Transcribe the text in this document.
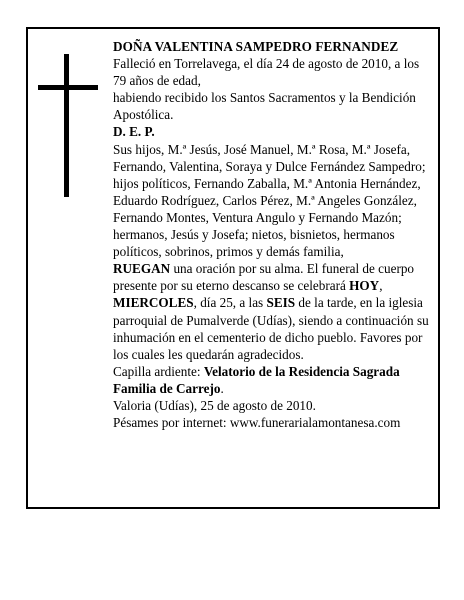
DOÑA VALENTINA SAMPEDRO FERNANDEZ

Falleció en Torrelavega, el día 24 de agosto de 2010, a los 79 años de edad,

habiendo recibido los Santos Sacramentos y la Bendición Apostólica.

D. E. P.

Sus hijos, M.ª Jesús, José Manuel, M.ª Rosa, M.ª Josefa, Fernando, Valentina, Soraya y Dulce Fernández Sampedro; hijos políticos, Fernando Zaballa, M.ª Antonia Hernández, Eduardo Rodríguez, Carlos Pérez, M.ª Angeles González, Fernando Montes, Ventura Angulo y Fernando Mazón; hermanos, Jesús y Josefa; nietos, bisnietos, hermanos políticos, sobrinos, primos y demás familia,

RUEGAN una oración por su alma. El funeral de cuerpo presente por su eterno descanso se celebrará HOY, MIERCOLES, día 25, a las SEIS de la tarde, en la iglesia parroquial de Pumalverde (Udías), siendo a continuación su inhumación en el cementerio de dicho pueblo. Favores por los cuales les quedarán agradecidos.

Capilla ardiente: Velatorio de la Residencia Sagrada Familia de Carrejo.

Valoria (Udías), 25 de agosto de 2010.

Pésames por internet: www.funerarialamontanesa.com
